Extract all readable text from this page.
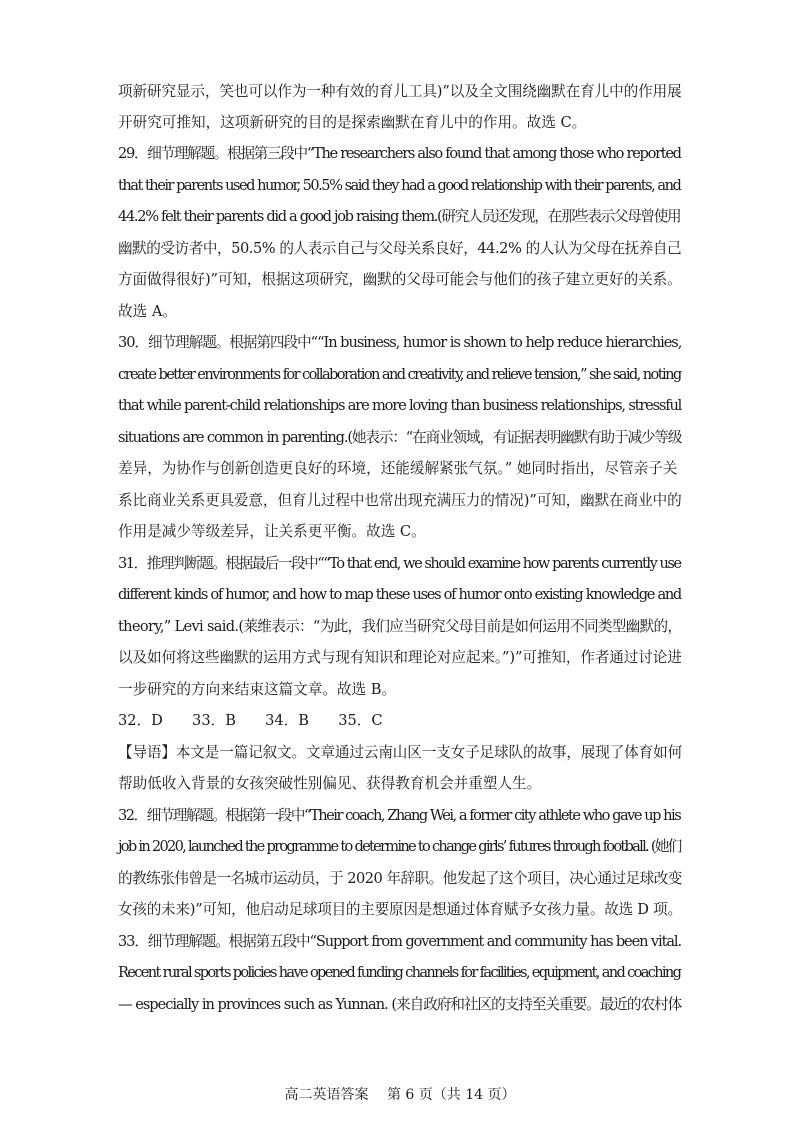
项新研究显示，笑也可以作为一种有效的育儿工具)”以及全文围绕幽默在育儿中的作用展
开研究可推知，这项新研究的目的是探索幽默在育儿中的作用。故选 C。
29．细节理解题。根据第三段中“The researchers also found that among those who reported
that their parents used humor, 50.5% said they had a good relationship with their parents, and
44.2% felt their parents did a good job raising them.(研究人员还发现，在那些表示父母曾使用
幽默的受访者中，50.5% 的人表示自己与父母关系良好，44.2% 的人认为父母在抚养自己
方面做得很好)”可知，根据这项研究，幽默的父母可能会与他们的孩子建立更好的关系。
故选 A。
30．细节理解题。根据第四段中““In business, humor is shown to help reduce hierarchies,
create better environments for collaboration and creativity, and relieve tension,” she said, noting
that while parent-child relationships are more loving than business relationships, stressful
situations are common in parenting.(她表示：“在商业领域，有证据表明幽默有助于减少等级
差异，为协作与创新创造更良好的环境，还能缓解紧张气氛。” 她同时指出，尽管亲子关
系比商业关系更具爱意，但育儿过程中也常出现充满压力的情况)”可知，幽默在商业中的
作用是减少等级差异，让关系更平衡。故选 C。
31．推理判断题。根据最后一段中““To that end, we should examine how parents currently use
different kinds of humor, and how to map these uses of humor onto existing knowledge and
theory,” Levi said.(莱维表示：“为此，我们应当研究父母目前是如何运用不同类型幽默的，
以及如何将这些幽默的运用方式与现有知识和理论对应起来。”)”可推知，作者通过讨论进
一步研究的方向来结束这篇文章。故选 B。
32．D　　33．B　　34．B　　35．C
【导语】本文是一篇记叙文。文章通过云南山区一支女子足球队的故事，展现了体育如何
帮助低收入背景的女孩突破性别偏见、获得教育机会并重塑人生。
32．细节理解题。根据第一段中“Their coach, Zhang Wei, a former city athlete who gave up his
job in 2020, launched the programme to determine to change girls’ futures through football. (她们
的教练张伟曾是一名城市运动员，于 2020 年辞职。他发起了这个项目，决心通过足球改变
女孩的未来)”可知，他启动足球项目的主要原因是想通过体育赋予女孩力量。故选 D 项。
33．细节理解题。根据第五段中“Support from government and community has been vital.
Recent rural sports policies have opened funding channels for facilities, equipment, and coaching
— especially in provinces such as Yunnan. (来自政府和社区的支持至关重要。最近的农村体
高二英语答案　 第 6 页（共 14 页）
